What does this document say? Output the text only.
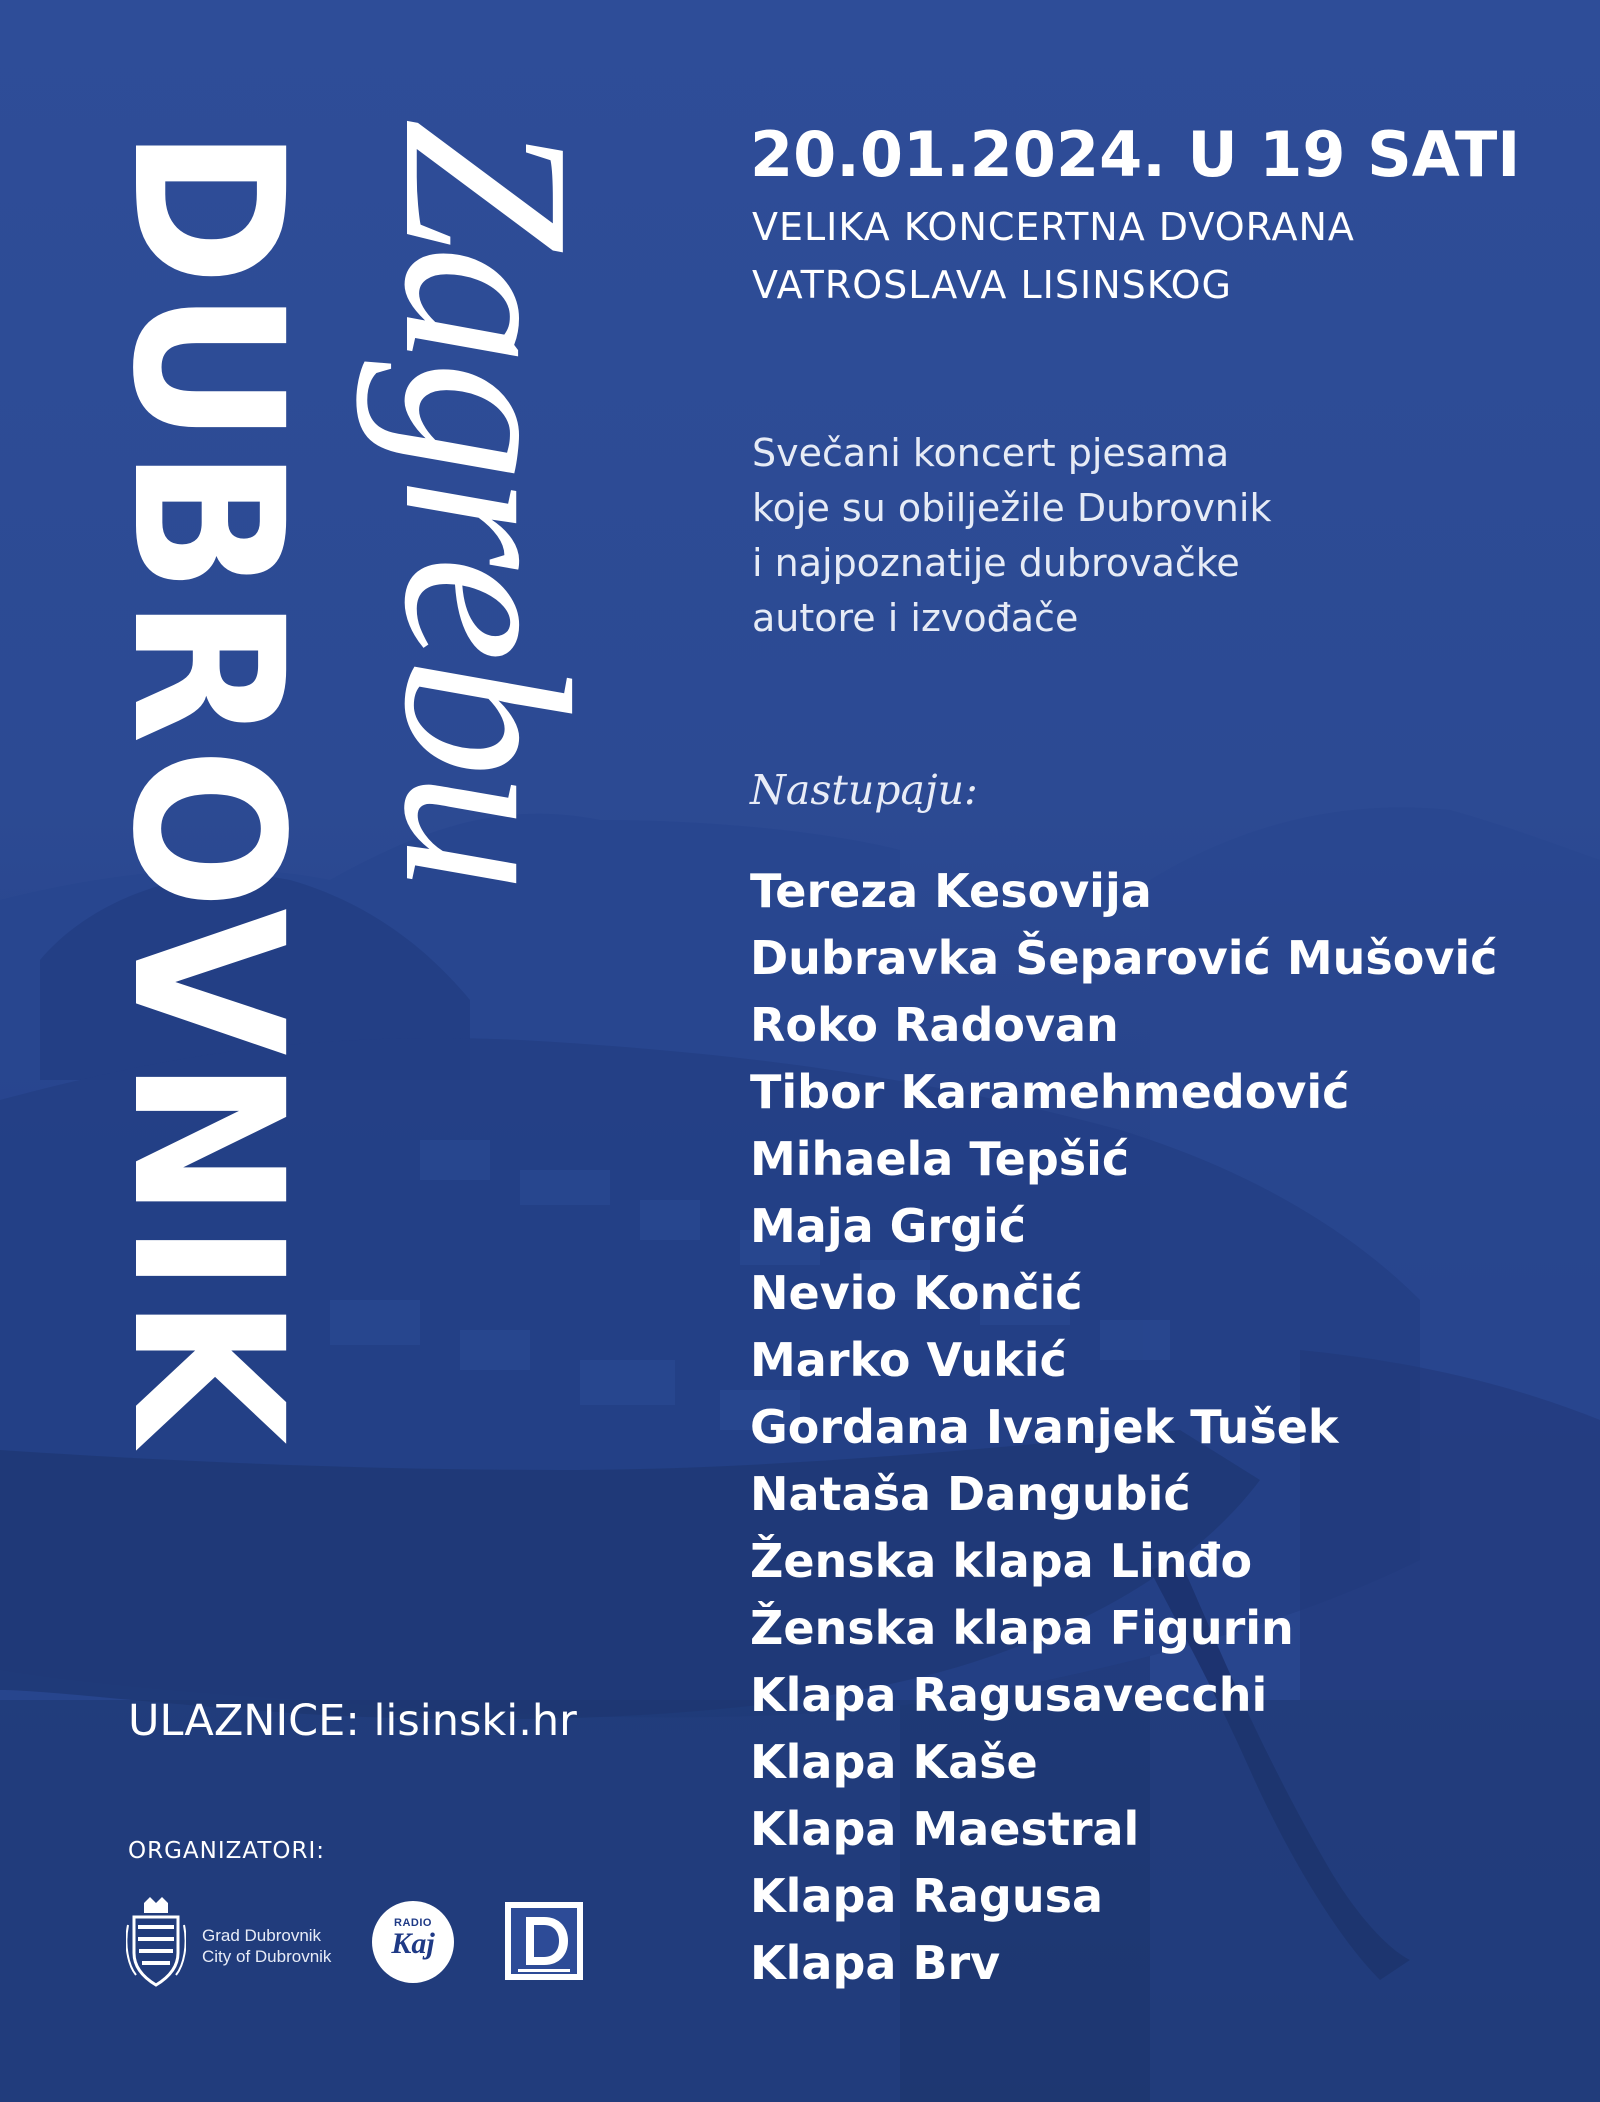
DUBROVNIK Zagrebu 20.01.2024. U 19 SATI
VELIKA KONCERTNA DVORANA
VATROSLAVA LISINSKOG
Svečani koncert pjesama
koje su obilježile Dubrovnik
i najpoznatije dubrovačke
autore i izvođače
Nastupaju:
Tereza Kesovija
Dubravka Šeparović Mušović
Roko Radovan
Tibor Karamehmedović
Mihaela Tepšić
Maja Grgić
Nevio Končić
Marko Vukić
Gordana Ivanjek Tušek
Nataša Dangubić
Ženska klapa Linđo
Ženska klapa Figurin
Klapa Ragusavecchi
Klapa Kaše
Klapa Maestral
Klapa Ragusa
Klapa Brv
ULAZNICE: lisinski.hr
ORGANIZATORI:
Grad Dubrovnik
City of Dubrovnik
RADIO
Kaj
